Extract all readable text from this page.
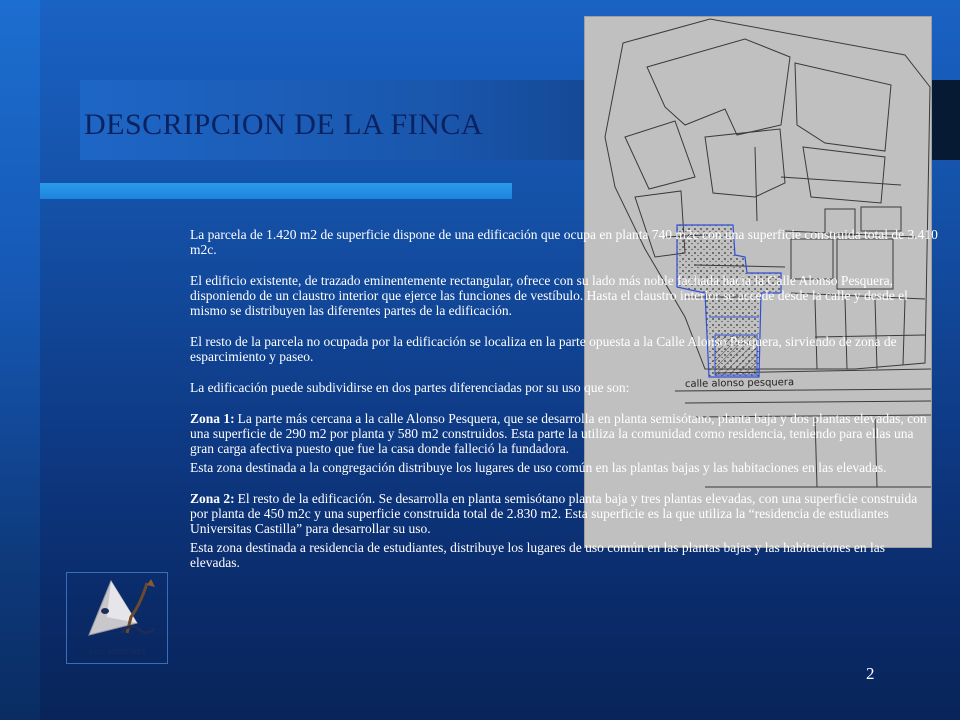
DESCRIPCION DE LA FINCA
calle alonso pesquera

La parcela de 1.420 m2 de superficie dispone de una edificación que ocupa en planta 740 m2c con una superficie construida total de 3.410 m2c.

El edificio existente, de trazado eminentemente rectangular, ofrece con su lado más noble fachada hacia la Calle Alonso Pesquera, disponiendo de un claustro interior que ejerce las funciones de vestíbulo. Hasta el claustro interior se accede desde la calle y desde el mismo se distribuyen las diferentes partes de la edificación.

El resto de la parcela no ocupada por la edificación se localiza en la parte opuesta a la Calle Alonso Pesquera, sirviendo de zona de esparcimiento y paseo.

La edificación puede subdividirse en dos partes diferenciadas por su uso que son:

Zona 1: La parte más cercana a la calle Alonso Pesquera, que se desarrolla en planta semisótano, planta baja y dos plantas elevadas, con una superficie de 290 m2 por planta y 580 m2 construidos. Esta parte la utiliza la comunidad como residencia, teniendo para ellas una gran carga afectiva puesto que fue la casa donde falleció la fundadora.

Esta zona destinada a la congregación distribuye los lugares de uso común en las plantas bajas y las habitaciones en las elevadas.

Zona 2: El resto de la edificación. Se desarrolla en planta semisótano planta baja y tres plantas elevadas, con una superficie construida por planta de 450 m2c y una superficie construida total de 2.830 m2. Esta superficie es la que utiliza la “residencia de estudiantes Universitas Castilla” para desarrollar su uso.

Esta zona destinada a residencia de estudiantes, distribuye los lugares de uso común en las plantas bajas y las habitaciones en las elevadas.

A.D.I. ASESORES
2
